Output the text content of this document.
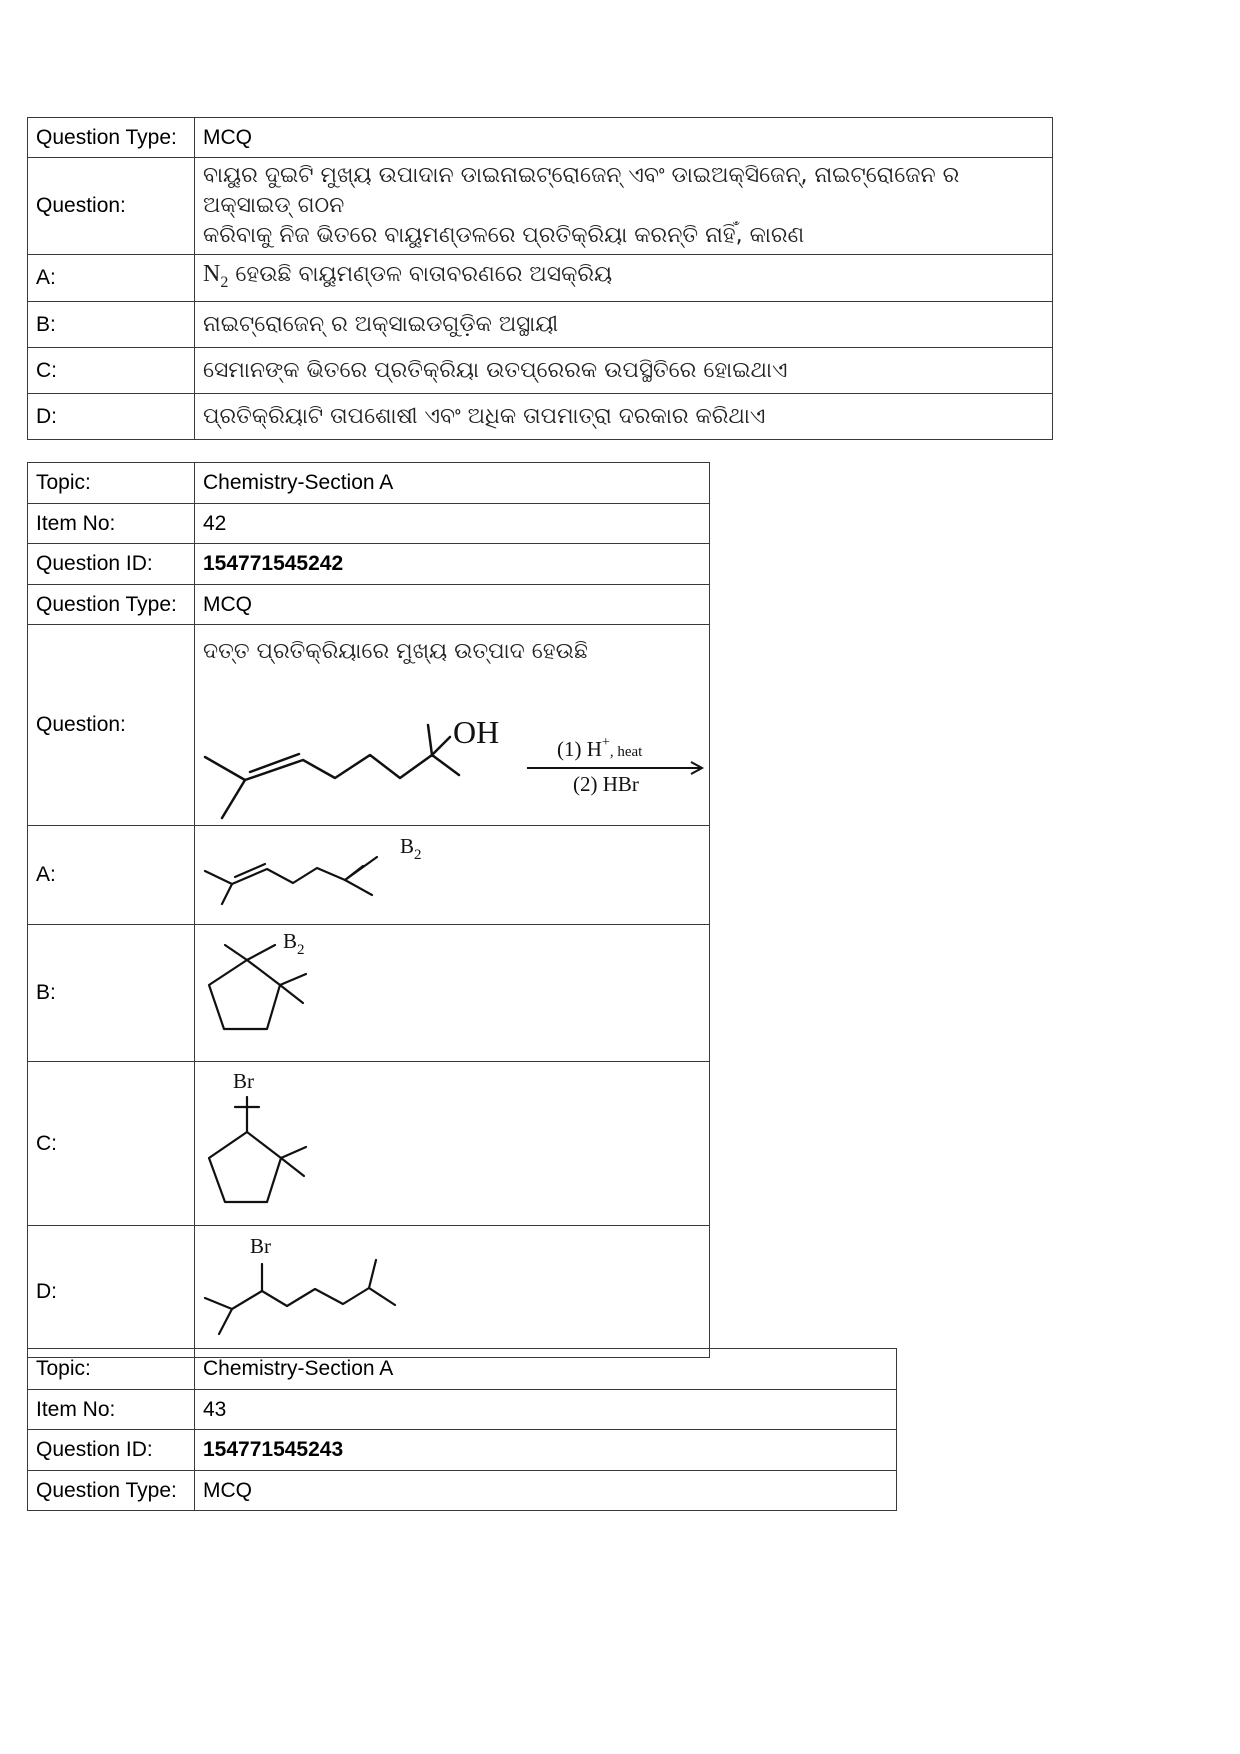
Question Type:	MCQ
Question:	ବାୟୁର ଦୁଇଟି ମୁଖ୍ୟ ଉପାଦାନ ଡାଇନାଇଟ୍ରୋଜେନ୍ ଏବଂ ଡାଇଅକ୍ସିଜେନ୍, ନାଇଟ୍ରୋଜେନ ର ଅକ୍ସାଇଡ୍ ଗଠନ
କରିବାକୁ ନିଜ ଭିତରେ ବାୟୁମଣ୍ଡଳରେ ପ୍ରତିକ୍ରିୟା କରନ୍ତି ନାହିଁ, କାରଣ

A:	$N_2$ ହେଉଛି ବାୟୁମଣ୍ଡଳ ବାତାବରଣରେ ଅସକ୍ରିୟ
B:	ନାଇଟ୍ରୋଜେନ୍ ର ଅକ୍ସାଇଡଗୁଡ଼ିକ ଅସ୍ଥାୟୀ
C:	ସେମାନଙ୍କ ଭିତରେ ପ୍ରତିକ୍ରିୟା ଉତପ୍ରେରକ ଉପସ୍ଥିତିରେ ହୋଇଥାଏ
D:	ପ୍ରତିକ୍ରିୟାଟି ତାପଶୋଷୀ ଏବଂ ଅଧିକ ତାପମାତ୍ରା ଦରକାର କରିଥାଏ
Topic:	Chemistry-Section A
Item No:	42
Question ID:	154771545242
Question Type:	MCQ
Question:	ଦତ୍ତ ପ୍ରତିକ୍ରିୟାରେ ମୁଖ୍ୟ ଉତ୍ପାଦ ହେଉଛି
OH (1) $H^+_{, heat}$
(2) HBr

A:	$B_2$

B:	$B_2$

C:	Br

D:	Br
Topic:	Chemistry-Section A
Item No:	43
Question ID:	154771545243
Question Type:	MCQ
